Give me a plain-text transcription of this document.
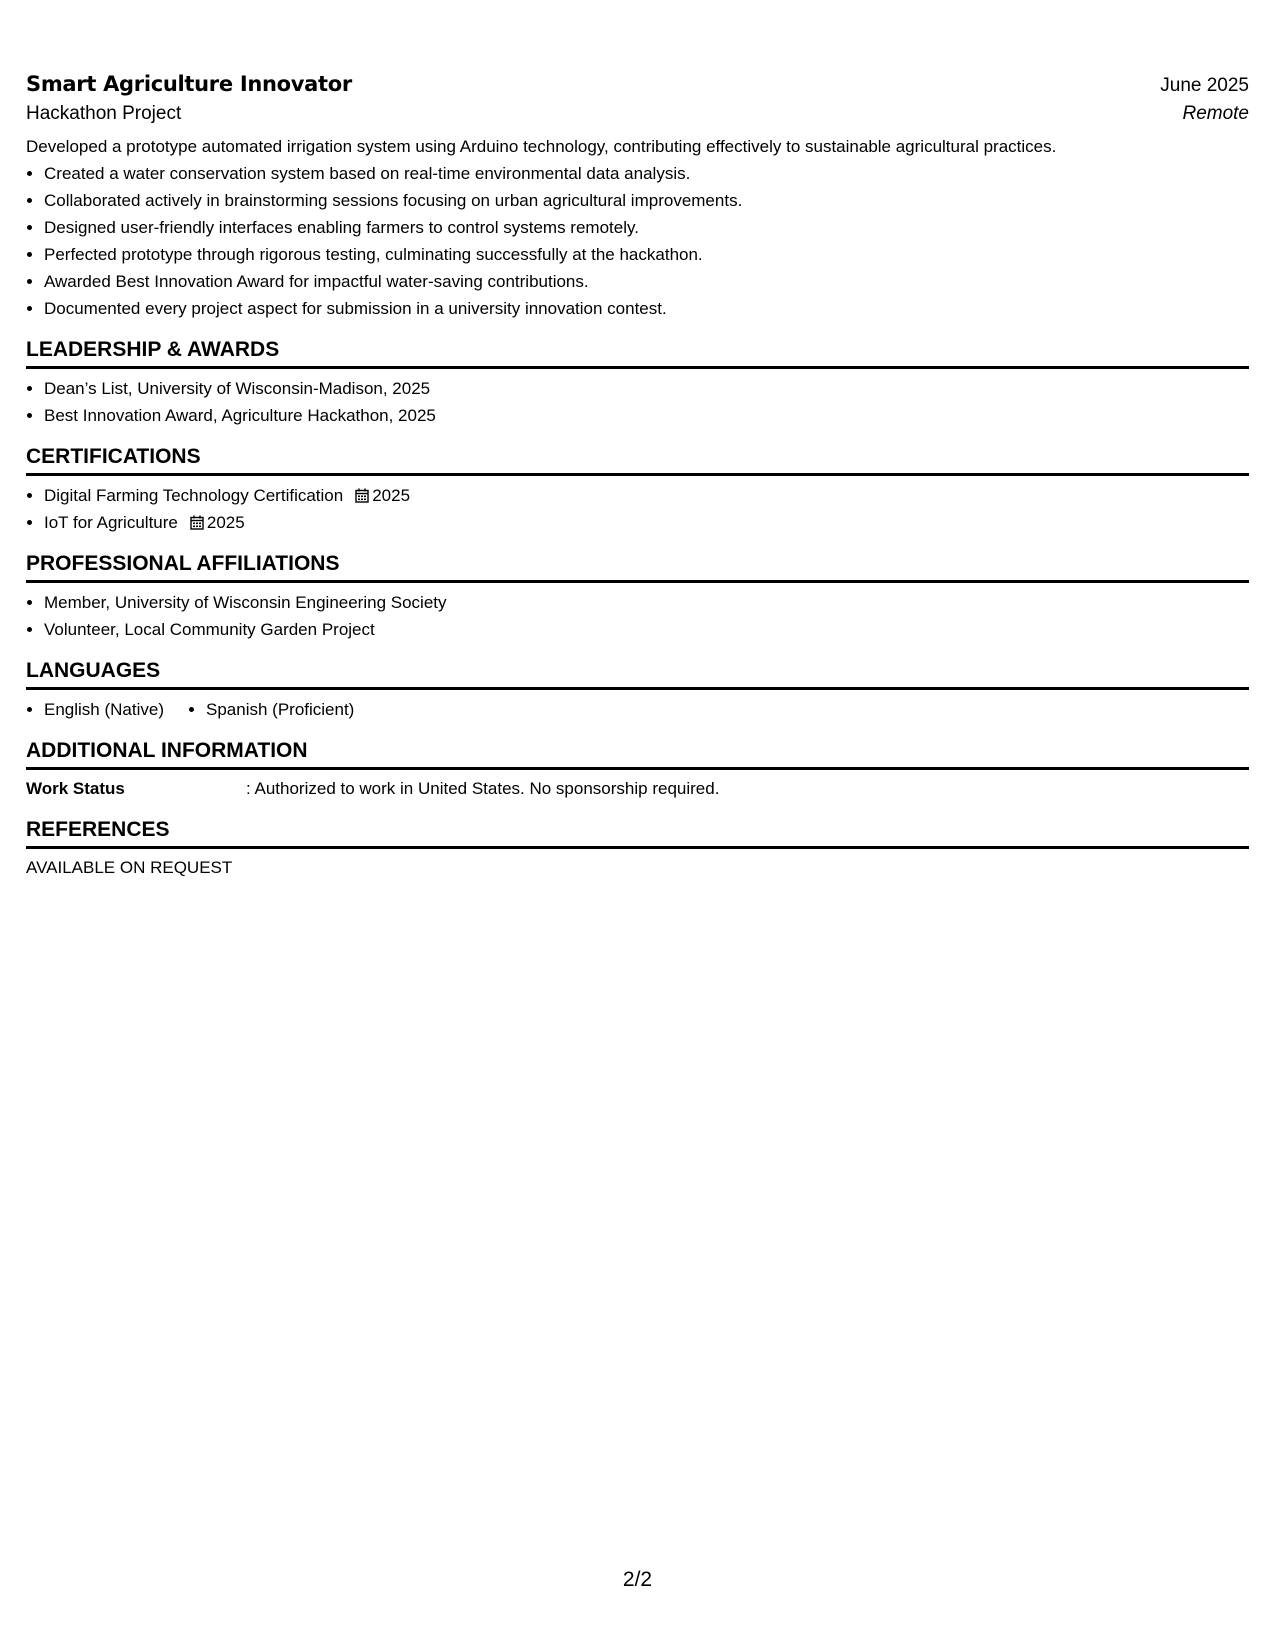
Smart Agriculture Innovator	June 2025
Hackathon Project	Remote
Developed a prototype automated irrigation system using Arduino technology, contributing effectively to sustainable agricultural practices.
• Created a water conservation system based on real-time environmental data analysis.
• Collaborated actively in brainstorming sessions focusing on urban agricultural improvements.
• Designed user-friendly interfaces enabling farmers to control systems remotely.
• Perfected prototype through rigorous testing, culminating successfully at the hackathon.
• Awarded Best Innovation Award for impactful water-saving contributions.
• Documented every project aspect for submission in a university innovation contest.
LEADERSHIP & AWARDS
• Dean’s List, University of Wisconsin-Madison, 2025
• Best Innovation Award, Agriculture Hackathon, 2025
CERTIFICATIONS
• Digital Farming Technology Certification 2025
• IoT for Agriculture 2025
PROFESSIONAL AFFILIATIONS
• Member, University of Wisconsin Engineering Society
• Volunteer, Local Community Garden Project
LANGUAGES
• English (Native)
• Spanish (Proficient)
ADDITIONAL INFORMATION
Work Status	: Authorized to work in United States. No sponsorship required.
REFERENCES
AVAILABLE ON REQUEST
2/2
